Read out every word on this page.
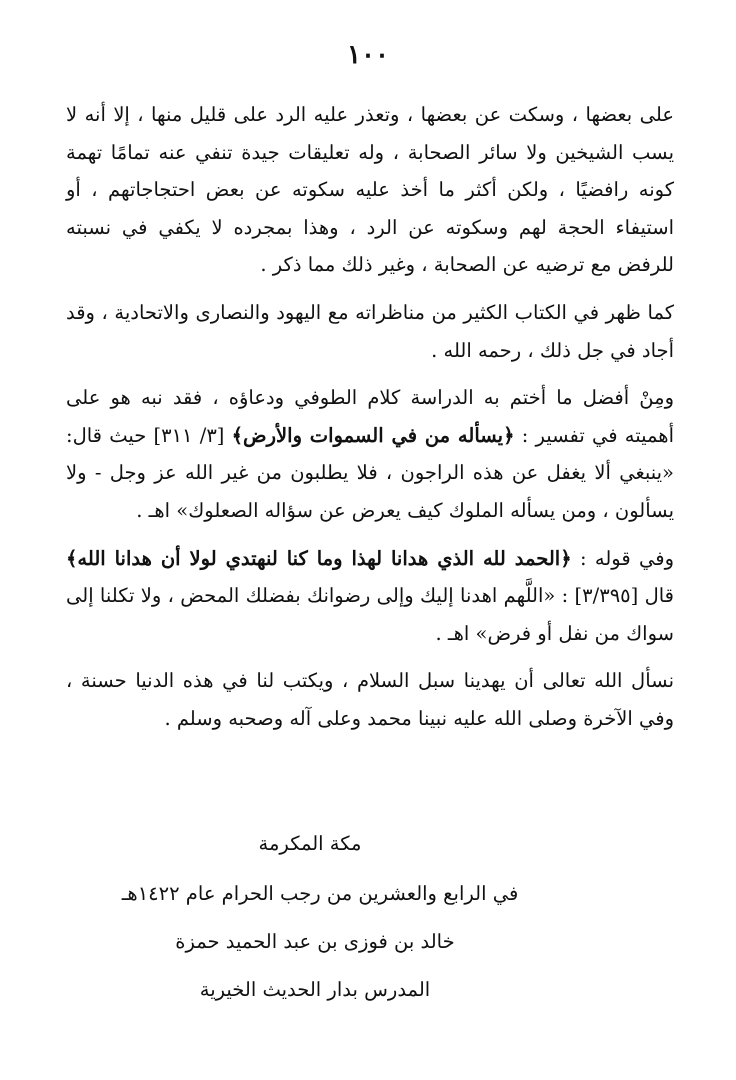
١٠٠

على بعضها ، وسكت عن بعضها ، وتعذر عليه الرد على قليل منها ، إلا أنه لا يسب الشيخين ولا سائر الصحابة ، وله تعليقات جيدة تنفي عنه تمامًا تهمة كونه رافضيًا ، ولكن أكثر ما أخذ عليه سكوته عن بعض احتجاجاتهم ، أو استيفاء الحجة لهم وسكوته عن الرد ، وهذا بمجرده لا يكفي في نسبته للرفض مع ترضيه عن الصحابة ، وغير ذلك مما ذكر .

كما ظهر في الكتاب الكثير من مناظراته مع اليهود والنصارى والاتحادية ، وقد أجاد في جل ذلك ، رحمه الله .

ومِنْ أفضل ما أختم به الدراسة كلام الطوفي ودعاؤه ، فقد نبه هو على أهميته في تفسير : ﴿يسأله من في السموات والأرض﴾ [٣/ ٣١١] حيث قال: «ينبغي ألا يغفل عن هذه الراجون ، فلا يطلبون من غير الله عز وجل - ولا يسألون ، ومن يسأله الملوك كيف يعرض عن سؤاله الصعلوك» اهـ .

وفي قوله : ﴿الحمد لله الذي هدانا لهذا وما كنا لنهتدي لولا أن هدانا الله﴾ قال [٣/٣٩٥] : «اللَّهم اهدنا إليك وإلى رضوانك بفضلك المحض ، ولا تكلنا إلى سواك من نفل أو فرض» اهـ .

نسأل الله تعالى أن يهدينا سبل السلام ، ويكتب لنا في هذه الدنيا حسنة ، وفي الآخرة وصلى الله عليه نبينا محمد وعلى آله وصحبه وسلم .

مكة المكرمة
في الرابع والعشرين من رجب الحرام عام ١٤٢٢هـ
خالد بن فوزى بن عبد الحميد حمزة
المدرس بدار الحديث الخيرية
